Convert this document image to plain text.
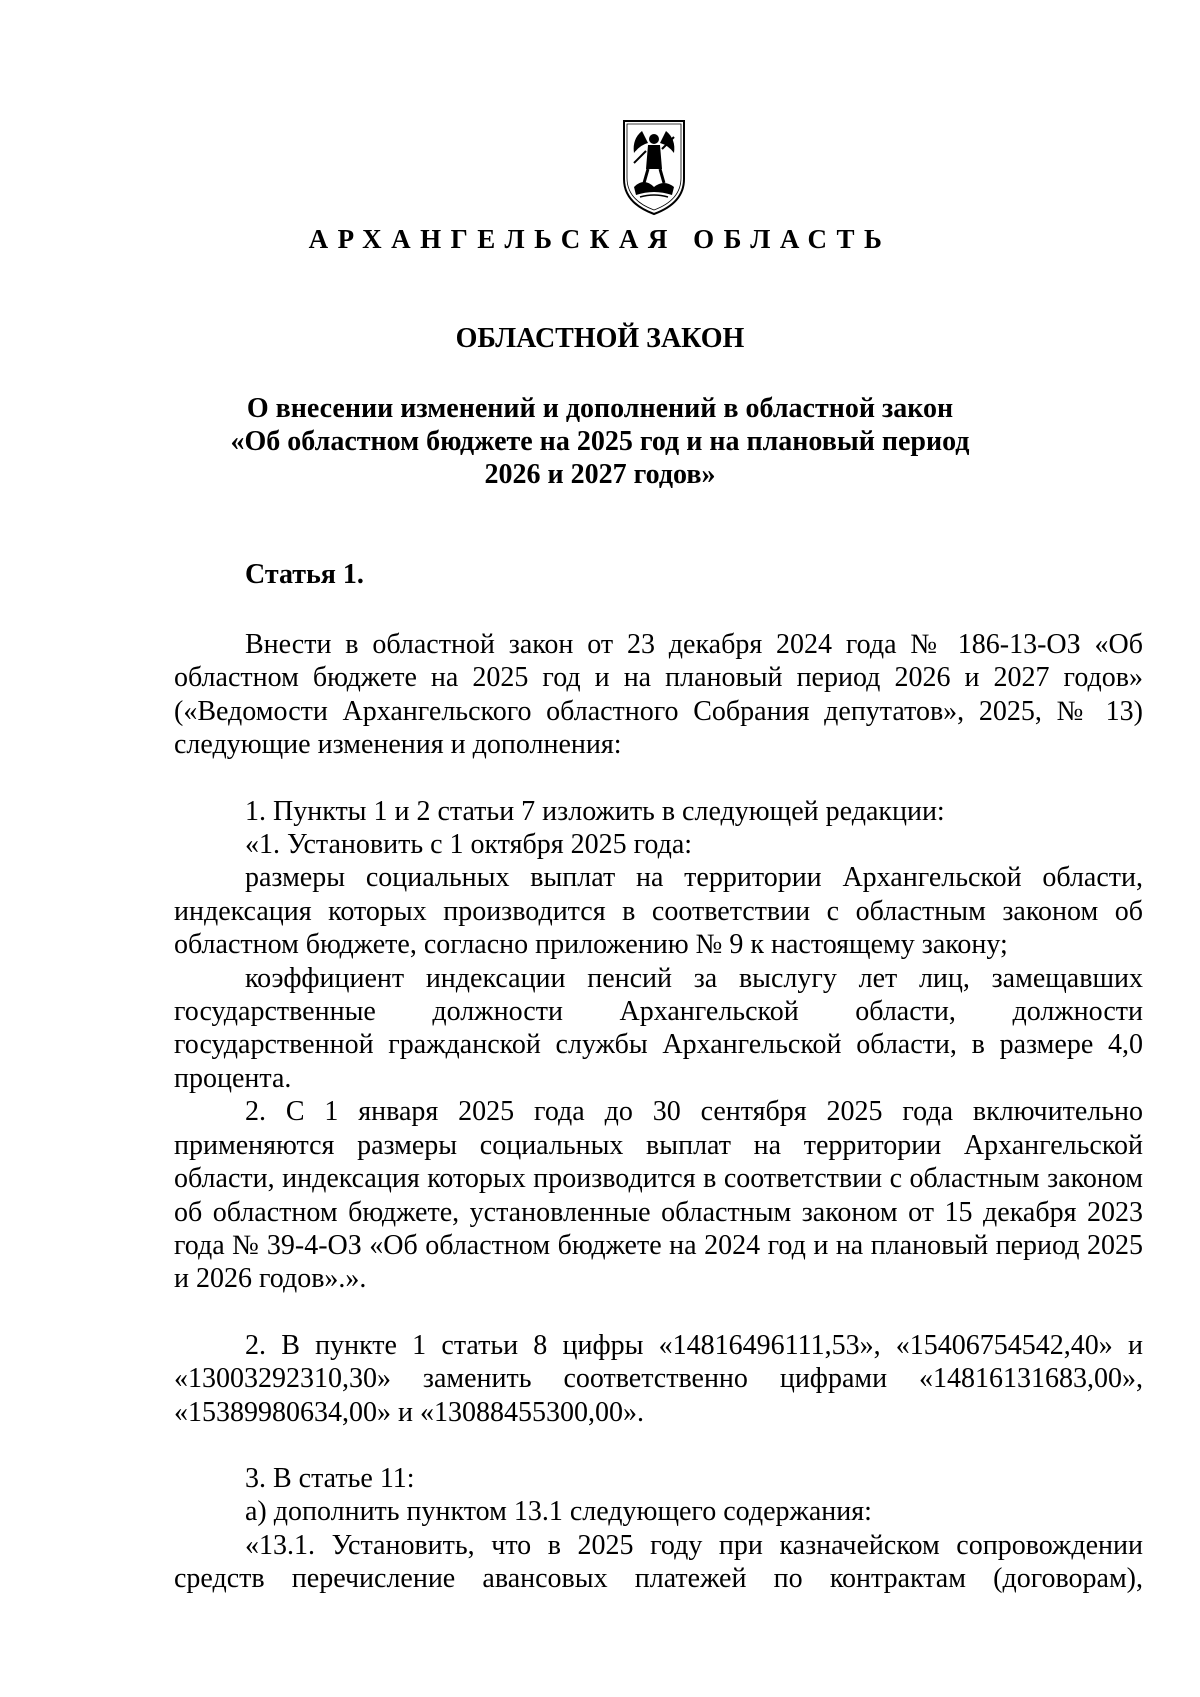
АРХАНГЕЛЬСКАЯ ОБЛАСТЬ
ОБЛАСТНОЙ ЗАКОН
О внесении изменений и дополнений в областной закон
«Об областном бюджете на 2025 год и на плановый период
2026 и 2027 годов»
Статья 1.

Внести в областной закон от 23 декабря 2024 года № 186-13-ОЗ «Об областном бюджете на 2025 год и на плановый период 2026 и 2027 годов» («Ведомости Архангельского областного Собрания депутатов», 2025, № 13) следующие изменения и дополнения:

1. Пункты 1 и 2 статьи 7 изложить в следующей редакции:

«1. Установить с 1 октября 2025 года:

размеры социальных выплат на территории Архангельской области, индексация которых производится в соответствии с областным законом об областном бюджете, согласно приложению № 9 к настоящему закону;

коэффициент индексации пенсий за выслугу лет лиц, замещавших государственные должности Архангельской области, должности государственной гражданской службы Архангельской области, в размере 4,0 процента.

2. С 1 января 2025 года до 30 сентября 2025 года включительно применяются размеры социальных выплат на территории Архангельской области, индексация которых производится в соответствии с областным законом об областном бюджете, установленные областным законом от 15 декабря 2023 года № 39-4-ОЗ «Об областном бюджете на 2024 год и на плановый период 2025 и 2026 годов».».

2. В пункте 1 статьи 8 цифры «14816496111,53», «15406754542,40» и «13003292310,30» заменить соответственно цифрами «14816131683,00», «15389980634,00» и «13088455300,00».

3. В статье 11:

а) дополнить пунктом 13.1 следующего содержания:

«13.1. Установить, что в 2025 году при казначейском сопровождении средств перечисление авансовых платежей по контрактам (договорам),
